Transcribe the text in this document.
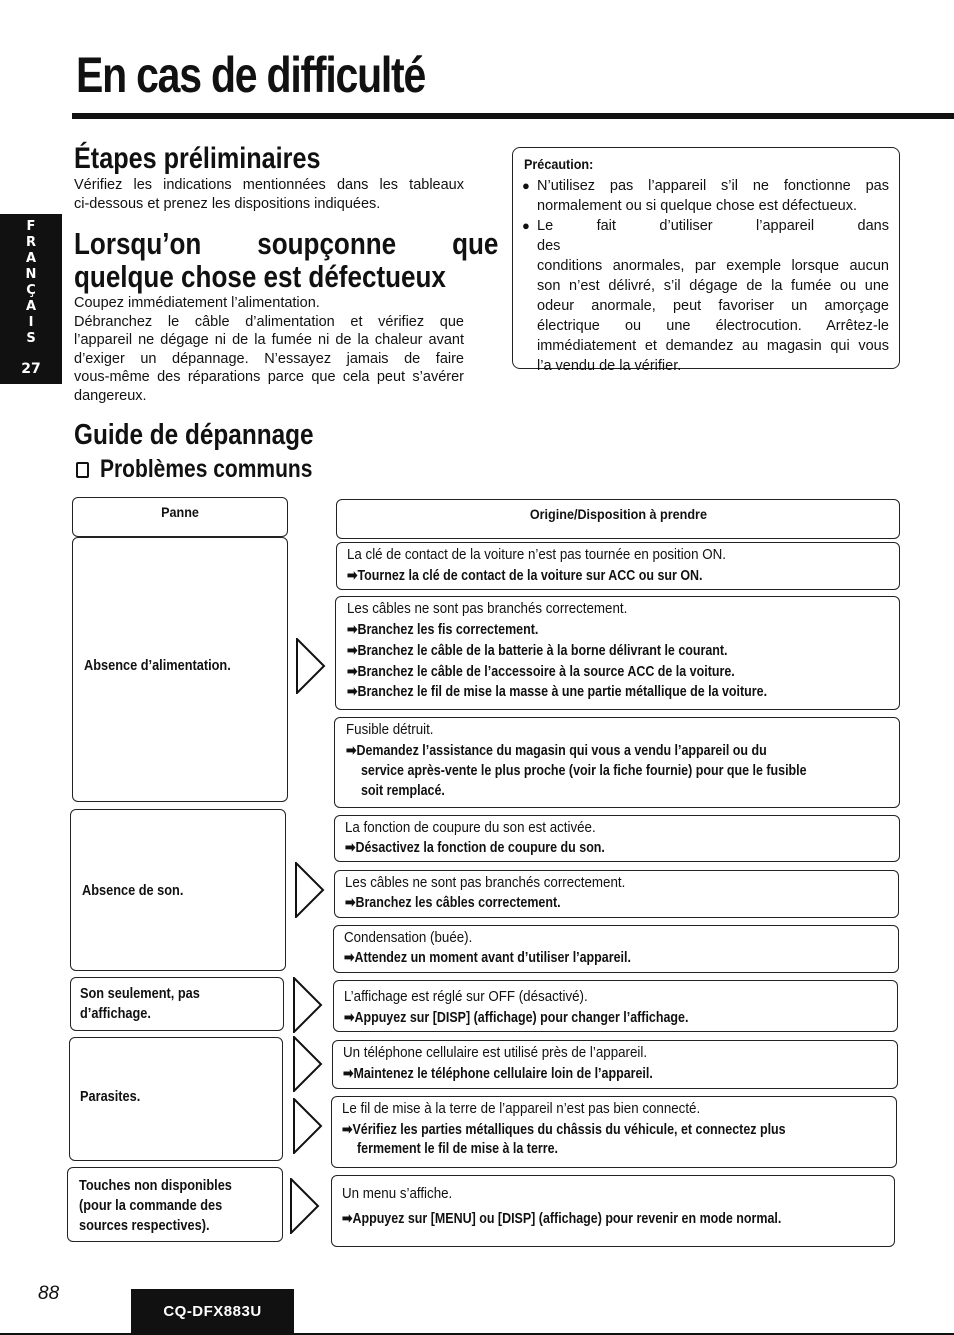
En cas de difficulté
F
R
A
N
Ç
A
I
S
27
Étapes préliminaires

Vérifiez les indications mentionnées dans les tableaux

ci-dessous et prenez les dispositions indiquées.

Lorsqu’on soupçonne que
quelque chose est défectueux

Coupez immédiatement l’alimentation.

Débranchez le câble d’alimentation et vérifiez que

l’appareil ne dégage ni de la fumée ni de la chaleur avant

d’exiger un dépannage. N’essayez jamais de faire

vous-même des réparations parce que cela peut s’avérer

dangereux.

Précaution:
● N’utilisez pas l’appareil s’il ne fonctionne pas
normalement ou si quelque chose est défectueux.
● Le fait d’utiliser l’appareil dans des
conditions anormales, par exemple lorsque aucun
son n’est délivré, s’il dégage de la fumée ou une
odeur anormale, peut favoriser un amorçage
électrique ou une électrocution. Arrêtez-le
immédiatement et demandez au magasin qui vous
l’a vendu de la vérifier.
Guide de dépannage
Problèmes communs
Panne	Origine/Disposition à prendre
Absence d’alimentation.
Absence de son.
Son seulement, pas
d’affichage.
Parasites.
Touches non disponibles
(pour la commande des
sources respectives).
La clé de contact de la voiture n’est pas tournée en position ON.
➡Tournez la clé de contact de la voiture sur ACC ou sur ON.
Les câbles ne sont pas branchés correctement.
➡Branchez les fis correctement.
➡Branchez le câble de la batterie à la borne délivrant le courant.
➡Branchez le câble de l’accessoire à la source ACC de la voiture.
➡Branchez le fil de mise la masse à une partie métallique de la voiture.
Fusible détruit.
➡Demandez l’assistance du magasin qui vous a vendu l’appareil ou du
service après-vente le plus proche (voir la fiche fournie) pour que le fusible
soit remplacé.
La fonction de coupure du son est activée.
➡Désactivez la fonction de coupure du son.
Les câbles ne sont pas branchés correctement.
➡Branchez les câbles correctement.
Condensation (buée).
➡Attendez un moment avant d’utiliser l’appareil.
L’affichage est réglé sur OFF (désactivé).
➡Appuyez sur [DISP] (affichage) pour changer l’affichage.
Un téléphone cellulaire est utilisé près de l’appareil.
➡Maintenez le téléphone cellulaire loin de l’appareil.
Le fil de mise à la terre de l’appareil n’est pas bien connecté.
➡Vérifiez les parties métalliques du châssis du véhicule, et connectez plus
fermement le fil de mise à la terre.
Un menu s’affiche.
➡Appuyez sur [MENU] ou [DISP] (affichage) pour revenir en mode normal.
88
CQ-DFX883U
